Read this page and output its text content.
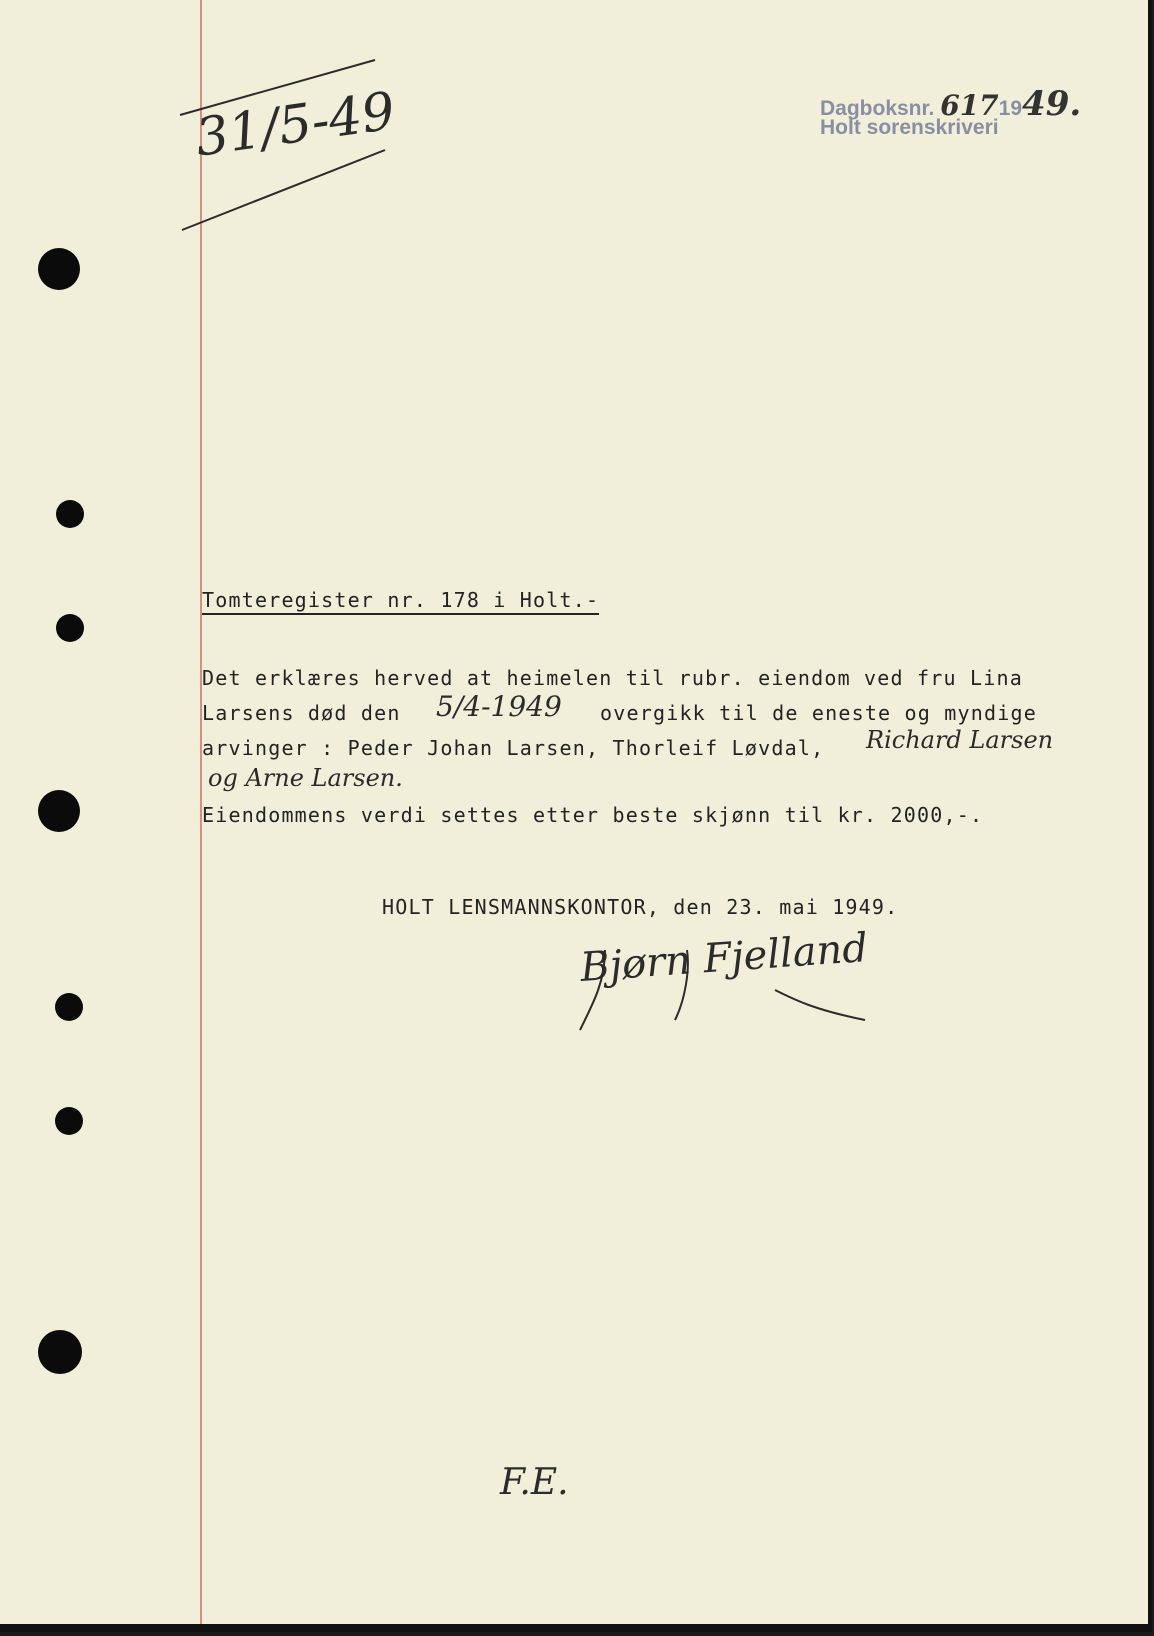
31/5-49	Dagboksnr. 6171949.
Holt sorenskriveri
Tomteregister nr. 178 i Holt.-
Det erklæres herved at heimelen til rubr. eiendom ved fru Lina
Larsens død den 5/4-1949 overgikk til de eneste og myndige
arvinger : Peder Johan Larsen, Thorleif Løvdal, Richard Larsen
og Arne Larsen.
Eiendommens verdi settes etter beste skjønn til kr. 2000,-.
HOLT LENSMANNSKONTOR, den 23. mai 1949.
Bjørn Fjelland
F.E.
